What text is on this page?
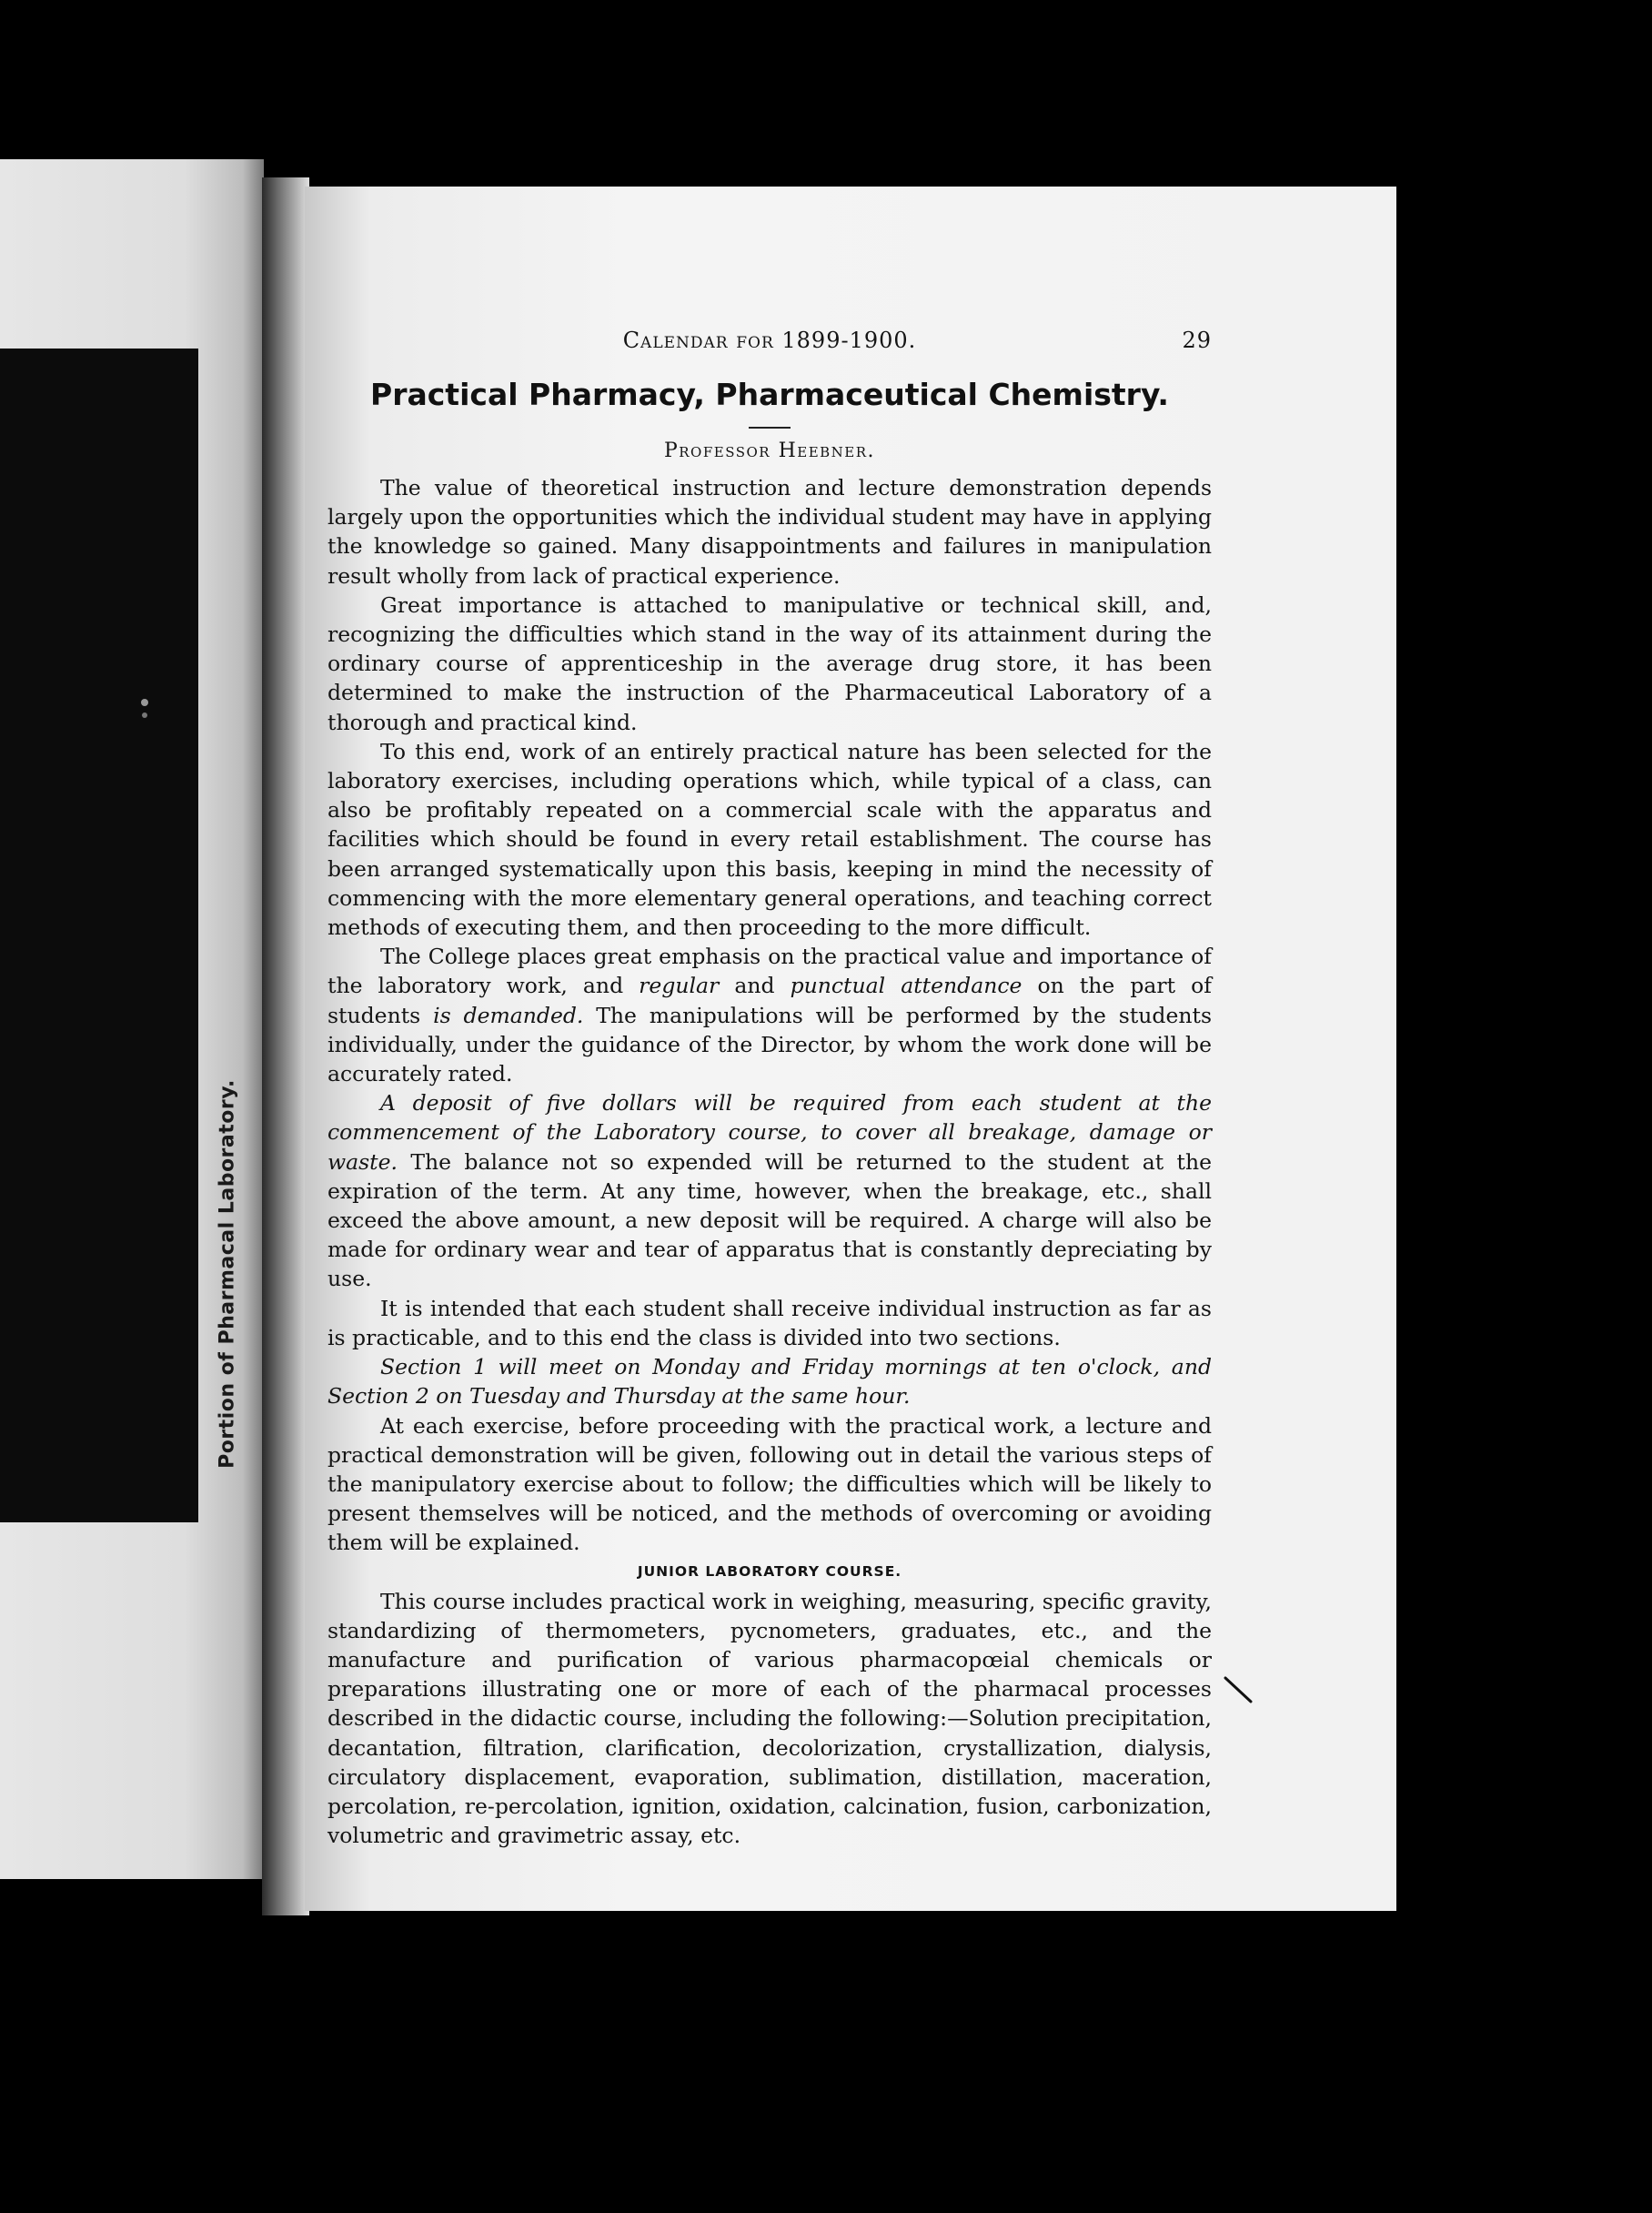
Portion of Pharmacal Laboratory.
Calendar for 1899-1900.	29
Practical Pharmacy, Pharmaceutical Chemistry.
Professor Heebner.

The value of theoretical instruction and lecture demonstration depends largely upon the opportunities which the individual student may have in applying the knowledge so gained. Many disappointments and failures in manipulation result wholly from lack of practical experience.

Great importance is attached to manipulative or technical skill, and, recognizing the difficulties which stand in the way of its attainment during the ordinary course of apprenticeship in the average drug store, it has been determined to make the instruction of the Pharmaceutical Laboratory of a thorough and practical kind.

To this end, work of an entirely practical nature has been selected for the laboratory exercises, including operations which, while typical of a class, can also be profitably repeated on a commercial scale with the apparatus and facilities which should be found in every retail establishment. The course has been arranged systematically upon this basis, keeping in mind the necessity of commencing with the more elementary general operations, and teaching correct methods of executing them, and then proceeding to the more difficult.

The College places great emphasis on the practical value and importance of the laboratory work, and regular and punctual attendance on the part of students is demanded. The manipulations will be performed by the students individually, under the guidance of the Director, by whom the work done will be accurately rated.

A deposit of five dollars will be required from each student at the commencement of the Laboratory course, to cover all breakage, damage or waste. The balance not so expended will be returned to the student at the expiration of the term. At any time, however, when the breakage, etc., shall exceed the above amount, a new deposit will be required. A charge will also be made for ordinary wear and tear of apparatus that is constantly depreciating by use.

It is intended that each student shall receive individual instruction as far as is practicable, and to this end the class is divided into two sections.

Section 1 will meet on Monday and Friday mornings at ten o'clock, and Section 2 on Tuesday and Thursday at the same hour.

At each exercise, before proceeding with the practical work, a lecture and practical demonstration will be given, following out in detail the various steps of the manipulatory exercise about to follow; the difficulties which will be likely to present themselves will be noticed, and the methods of overcoming or avoiding them will be explained.

JUNIOR LABORATORY COURSE.

This course includes practical work in weighing, measuring, specific gravity, standardizing of thermometers, pycnometers, graduates, etc., and the manufacture and purification of various pharmacopœial chemicals or preparations illustrating one or more of each of the pharmacal processes described in the didactic course, including the following:—Solution precipitation, decantation, filtration, clarification, decolorization, crystallization, dialysis, circulatory displacement, evaporation, sublimation, distillation, maceration, percolation, re-percolation, ignition, oxidation, calcination, fusion, carbonization, volumetric and gravimetric assay, etc.
